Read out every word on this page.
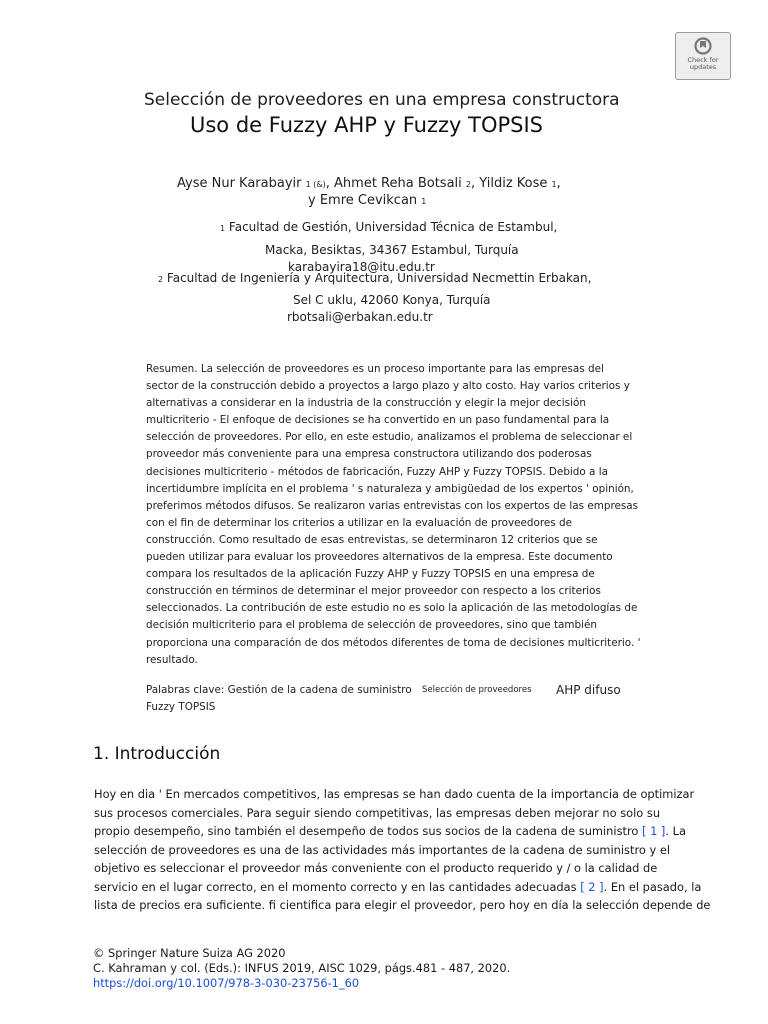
Check for
updates
Selección de proveedores en una empresa constructora
Uso de Fuzzy AHP y Fuzzy TOPSIS
Ayse Nur Karabayir 1 (&), Ahmet Reha Botsali 2, Yildiz Kose 1,
y Emre Cevikcan 1
1 Facultad de Gestión, Universidad Técnica de Estambul,
Macka, Besiktas, 34367 Estambul, Turquía
karabayira18@itu.edu.tr
2 Facultad de Ingeniería y Arquitectura, Universidad Necmettin Erbakan,
Sel C uklu, 42060 Konya, Turquía
rbotsali@erbakan.edu.tr
Resumen. La selección de proveedores es un proceso importante para las empresas del
sector de la construcción debido a proyectos a largo plazo y alto costo. Hay varios criterios y
alternativas a considerar en la industria de la construcción y elegir la mejor decisión
multicriterio - El enfoque de decisiones se ha convertido en un paso fundamental para la
selección de proveedores. Por ello, en este estudio, analizamos el problema de seleccionar el
proveedor más conveniente para una empresa constructora utilizando dos poderosas
decisiones multicriterio - métodos de fabricación, Fuzzy AHP y Fuzzy TOPSIS. Debido a la
incertidumbre implícita en el problema ' s naturaleza y ambigüedad de los expertos ' opinión,
preferimos métodos difusos. Se realizaron varias entrevistas con los expertos de las empresas
con el fin de determinar los criterios a utilizar en la evaluación de proveedores de
construcción. Como resultado de esas entrevistas, se determinaron 12 criterios que se
pueden utilizar para evaluar los proveedores alternativos de la empresa. Este documento
compara los resultados de la aplicación Fuzzy AHP y Fuzzy TOPSIS en una empresa de
construcción en términos de determinar el mejor proveedor con respecto a los criterios
seleccionados. La contribución de este estudio no es solo la aplicación de las metodologías de
decisión multicriterio para el problema de selección de proveedores, sino que también
proporciona una comparación de dos métodos diferentes de toma de decisiones multicriterio. '
resultado.
Palabras clave: Gestión de la cadena de suministro Selección de proveedores AHP difuso
Fuzzy TOPSIS
1. Introducción
Hoy en dia ' En mercados competitivos, las empresas se han dado cuenta de la importancia de optimizar
sus procesos comerciales. Para seguir siendo competitivas, las empresas deben mejorar no solo su
propio desempeño, sino también el desempeño de todos sus socios de la cadena de suministro [ 1 ]. La
selección de proveedores es una de las actividades más importantes de la cadena de suministro y el
objetivo es seleccionar el proveedor más conveniente con el producto requerido y / o la calidad de
servicio en el lugar correcto, en el momento correcto y en las cantidades adecuadas [ 2 ]. En el pasado, la
lista de precios era suficiente. fi cientifica para elegir el proveedor, pero hoy en día la selección depende de
© Springer Nature Suiza AG 2020
C. Kahraman y col. (Eds.): INFUS 2019, AISC 1029, págs.481 - 487, 2020.
https://doi.org/10.1007/978-3-030-23756-1_60
